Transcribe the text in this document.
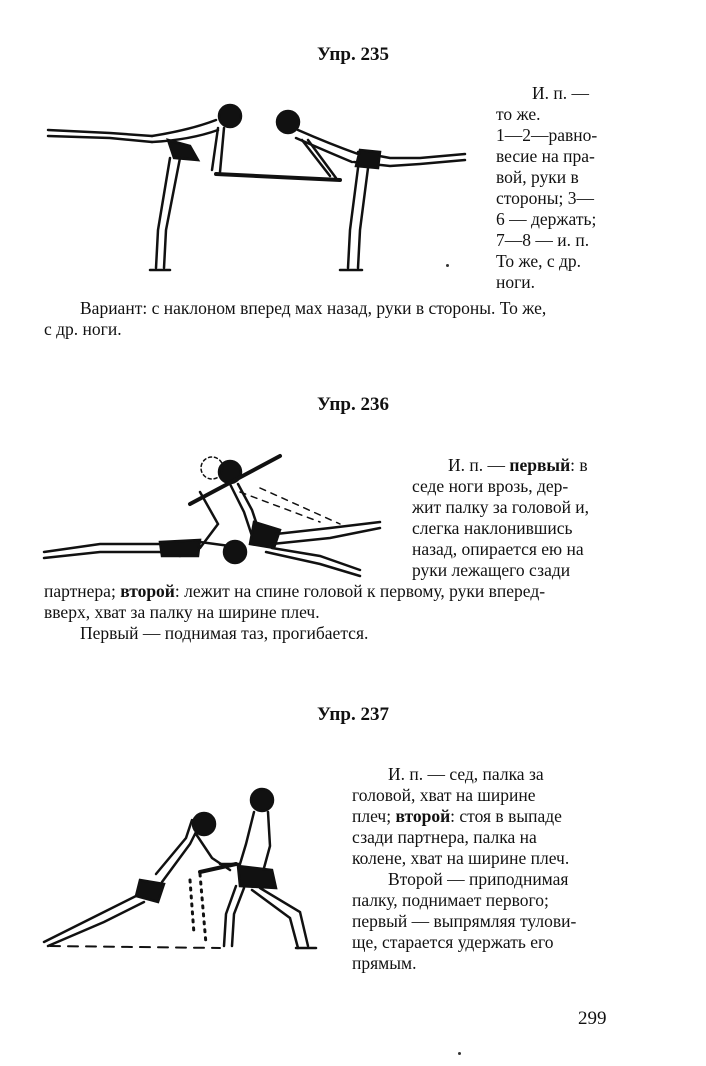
Упр. 235

И. п. —

то же.

1—2—равно-

весие на пра-

вой, руки в

стороны; 3—

6 — держать;

7—8 — и. п.

То же, с др.

ноги.

Вариант: с наклоном вперед мах назад, руки в стороны. То же,

с др. ноги.

Упр. 236

И. п. — первый: в

седе ноги врозь, дер-

жит палку за головой и,

слегка наклонившись

назад, опирается ею на

руки лежащего сзади

партнера; второй: лежит на спине головой к первому, руки вперед-

вверх, хват за палку на ширине плеч.

Первый — поднимая таз, прогибается.

Упр. 237

И. п. — сед, палка за

головой, хват на ширине

плеч; второй: стоя в выпаде

сзади партнера, палка на

колене, хват на ширине плеч.

Второй — приподнимая

палку, поднимает первого;

первый — выпрямляя тулови-

ще, старается удержать его

прямым.

299
